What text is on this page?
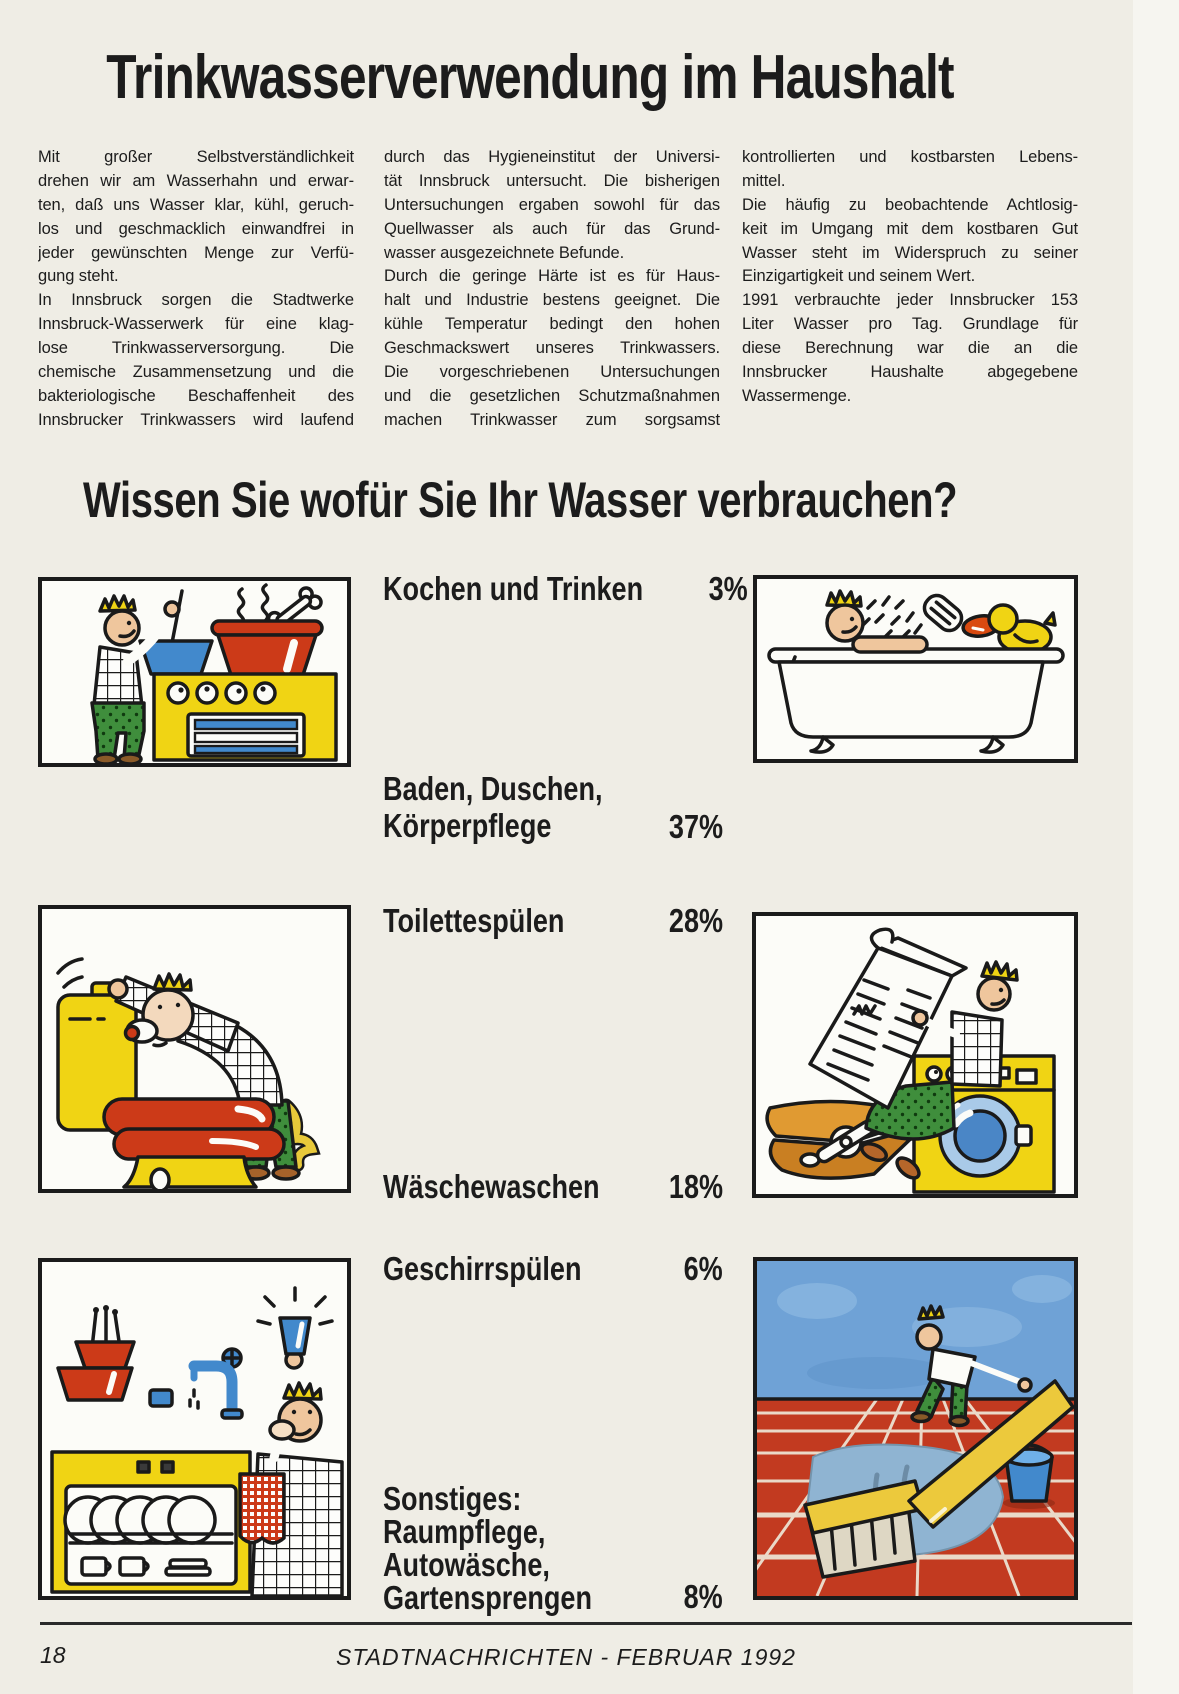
Trinkwasserverwendung im Haushalt
Mit großer Selbstverständlichkeit
drehen wir am Wasserhahn und erwar-
ten, daß uns Wasser klar, kühl, geruch-
los und geschmacklich einwandfrei in
jeder gewünschten Menge zur Verfü-
gung steht.
In Innsbruck sorgen die Stadtwerke
Innsbruck-Wasserwerk für eine klag-
lose Trinkwasserversorgung. Die
chemische Zusammensetzung und die
bakteriologische Beschaffenheit des
Innsbrucker Trinkwassers wird laufend
durch das Hygieneinstitut der Universi-
tät Innsbruck untersucht. Die bisherigen
Untersuchungen ergaben sowohl für das
Quellwasser als auch für das Grund-
wasser ausgezeichnete Befunde.
Durch die geringe Härte ist es für Haus-
halt und Industrie bestens geeignet. Die
kühle Temperatur bedingt den hohen
Geschmackswert unseres Trinkwassers.
Die vorgeschriebenen Untersuchungen
und die gesetzlichen Schutzmaßnahmen
machen Trinkwasser zum sorgsamst
kontrollierten und kostbarsten Lebens-
mittel.
Die häufig zu beobachtende Achtlosig-
keit im Umgang mit dem kostbaren Gut
Wasser steht im Widerspruch zu seiner
Einzigartigkeit und seinem Wert.
1991 verbrauchte jeder Innsbrucker 153
Liter Wasser pro Tag. Grundlage für
diese Berechnung war die an die
Innsbrucker Haushalte abgegebene
Wassermenge.
Wissen Sie wofür Sie Ihr Wasser verbrauchen?
Kochen und Trinken 3%
Baden, Duschen,
Körperpflege	37%
Toilettespülen	28%
Wäschewaschen 18%
Geschirrspülen	6%
Sonstiges:
Raumpflege,
Autowäsche,
Gartensprengen	8%
18	STADTNACHRICHTEN - FEBRUAR 1992
